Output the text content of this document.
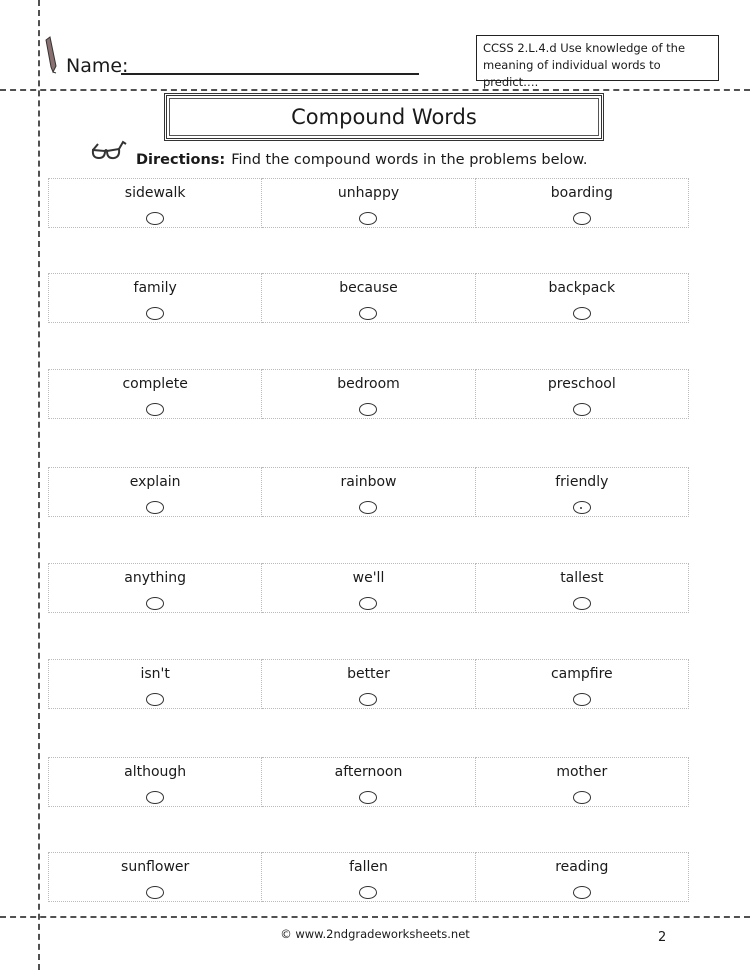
Name:
CCSS 2.L.4.d Use knowledge of the meaning of individual words to predict….
Compound Words
Directions: Find the compound words in the problems below.
sidewalk	unhappy	boarding
family	because	backpack
complete	bedroom	preschool
explain	rainbow	friendly
anything	we'll	tallest
isn't	better	campfire
although	afternoon	mother
sunflower	fallen	reading
© www.2ndgradeworksheets.net	2
